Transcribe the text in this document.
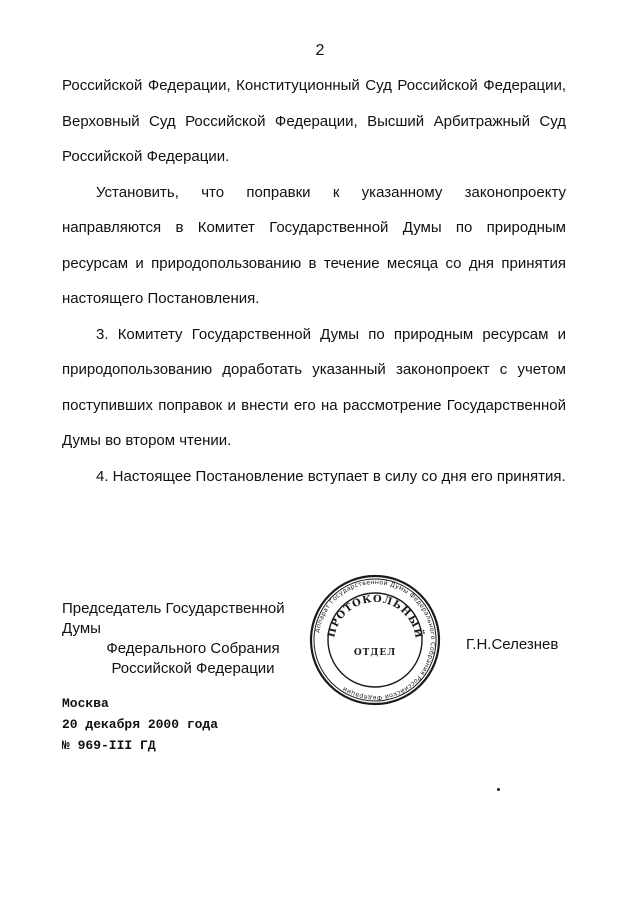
2

Российской Федерации, Конституционный Суд Российской Федерации, Верховный Суд Российской Федерации, Высший Арбитражный Суд Российской Федерации.

Установить, что поправки к указанному законопроекту направляются в Комитет Государственной Думы по природным ресурсам и природопользованию в течение месяца со дня принятия настоящего Постановления.

3. Комитету Государственной Думы по природным ресурсам и природопользованию доработать указанный законопроект с учетом поступивших поправок и внести его на рассмотрение Государственной Думы во втором чтении.

4. Настоящее Постановление вступает в силу со дня его принятия.

Председатель Государственной Думы
Федерального Собрания
Российской Федерации
Аппарат Государственной Думы Федерального Собрания Российской Федерации
ПРОТОКОЛЬНЫЙ
ОТДЕЛ	Г.Н.Селезнев
Москва
20 декабря 2000 года
№ 969-III ГД
